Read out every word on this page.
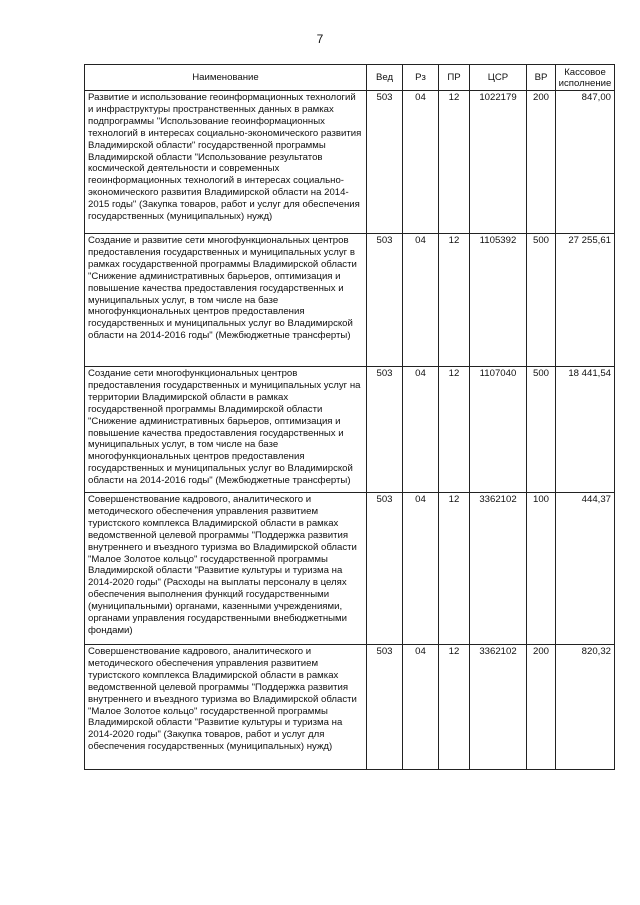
7
Наименование	Вед	Рз	ПР	ЦСР	ВР	Кассовое исполнение
Развитие и использование геоинформационных технологий и инфраструктуры пространственных данных в рамках подпрограммы "Использование геоинформационных технологий в интересах социально-экономического развития Владимирской области" государственной программы Владимирской области "Использование результатов космической деятельности и современных геоинформационных технологий в интересах социально-экономического развития Владимирской области на 2014-2015 годы" (Закупка товаров, работ и услуг для обеспечения государственных (муниципальных) нужд)	503	04	12	1022179	200	847,00
Создание и развитие сети многофункциональных центров предоставления государственных и муниципальных услуг в рамках государственной программы Владимирской области "Снижение административных барьеров, оптимизация и повышение качества предоставления государственных и муниципальных услуг, в том числе на базе многофункциональных центров предоставления государственных и муниципальных услуг во Владимирской области на 2014-2016 годы" (Межбюджетные трансферты)	503	04	12	1105392	500	27 255,61
Создание сети многофункциональных центров предоставления государственных и муниципальных услуг на территории Владимирской области в рамках государственной программы Владимирской области "Снижение административных барьеров, оптимизация и повышение качества предоставления государственных и муниципальных услуг, в том числе на базе многофункциональных центров предоставления государственных и муниципальных услуг во Владимирской области на 2014-2016 годы" (Межбюджетные трансферты)	503	04	12	1107040	500	18 441,54
Совершенствование кадрового, аналитического и методического обеспечения управления развитием туристского комплекса Владимирской области в рамках ведомственной целевой программы "Поддержка развития внутреннего и въездного туризма во Владимирской области "Малое Золотое кольцо" государственной программы Владимирской области "Развитие культуры и туризма на 2014-2020 годы" (Расходы на выплаты персоналу в целях обеспечения выполнения функций государственными (муниципальными) органами, казенными учреждениями, органами управления государственными внебюджетными фондами)	503	04	12	3362102	100	444,37
Совершенствование кадрового, аналитического и методического обеспечения управления развитием туристского комплекса Владимирской области в рамках ведомственной целевой программы "Поддержка развития внутреннего и въездного туризма во Владимирской области "Малое Золотое кольцо" государственной программы Владимирской области "Развитие культуры и туризма на 2014-2020 годы" (Закупка товаров, работ и услуг для обеспечения государственных (муниципальных) нужд)	503	04	12	3362102	200	820,32
